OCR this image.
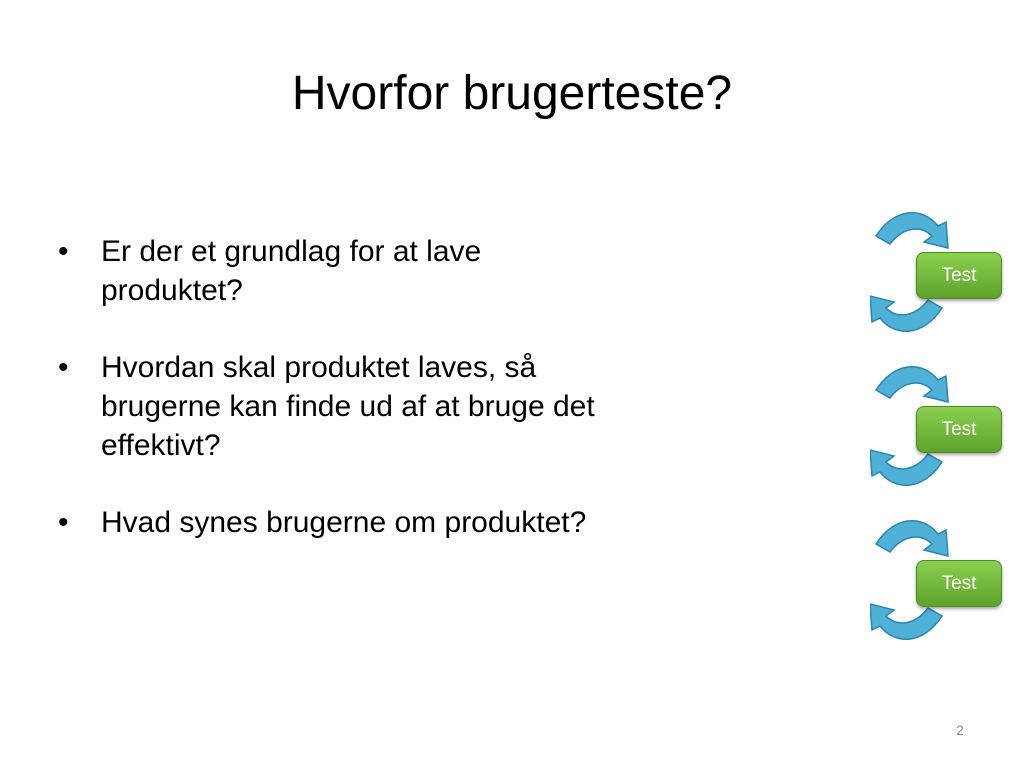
Hvorfor brugerteste?
•	Er der et grundlag for at lave produktet?
•	Hvordan skal produktet laves, så brugerne kan finde ud af at bruge det effektivt?
•	Hvad synes brugerne om produktet?
Test
Test
Test
2
